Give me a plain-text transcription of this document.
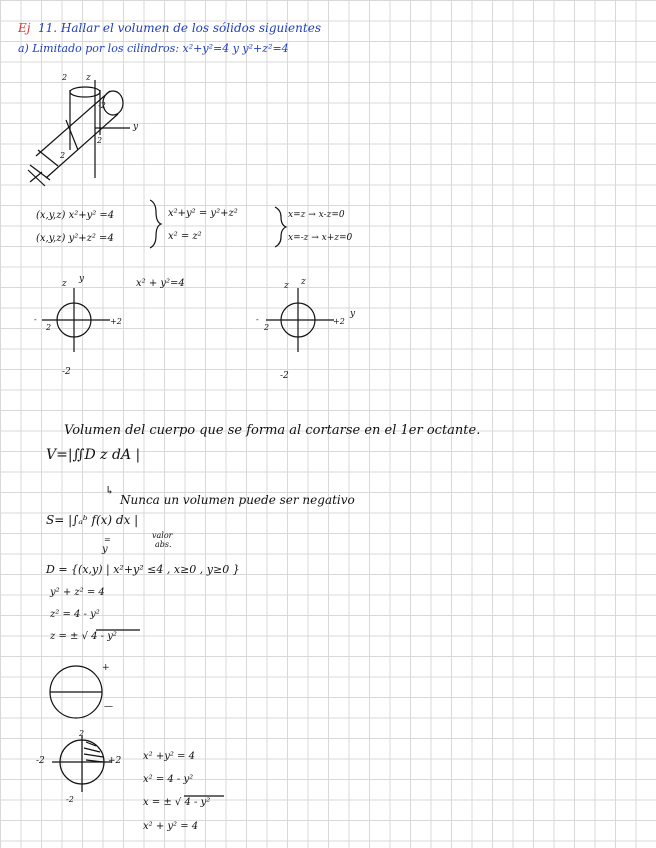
Ej 11. Hallar el volumen de los sólidos siguientes
a) Limitado por los cilindros: x²+y²=4 y y²+z²=4
z
y
2
-2
2
2
(x,y,z) x²+y² =4
(x,y,z) y²+z² =4
x²+y² = y²+z²
x² = z²
x=z → x-z=0
x=-z → x+z=0
z y	x² + y²=4
2
+2
-
-2
z z
2
+2
y
-
-2
Volumen del cuerpo que se forma al cortarse en el 1er octante.
V=|∬D z dA |
↳
Nunca un volumen puede ser negativo
S= |∫ₐᵇ f(x) dx |
valor
abs.
=
y
D = {(x,y) | x²+y² ≤4 , x≥0 , y≥0 }
y² + z² = 4
z² = 4 - y²
z = ± √ 4 - y²
+
—
2
-2	+2
-2
x² +y² = 4
x² = 4 - y²
x = ± √ 4 - y²
x² + y² = 4
